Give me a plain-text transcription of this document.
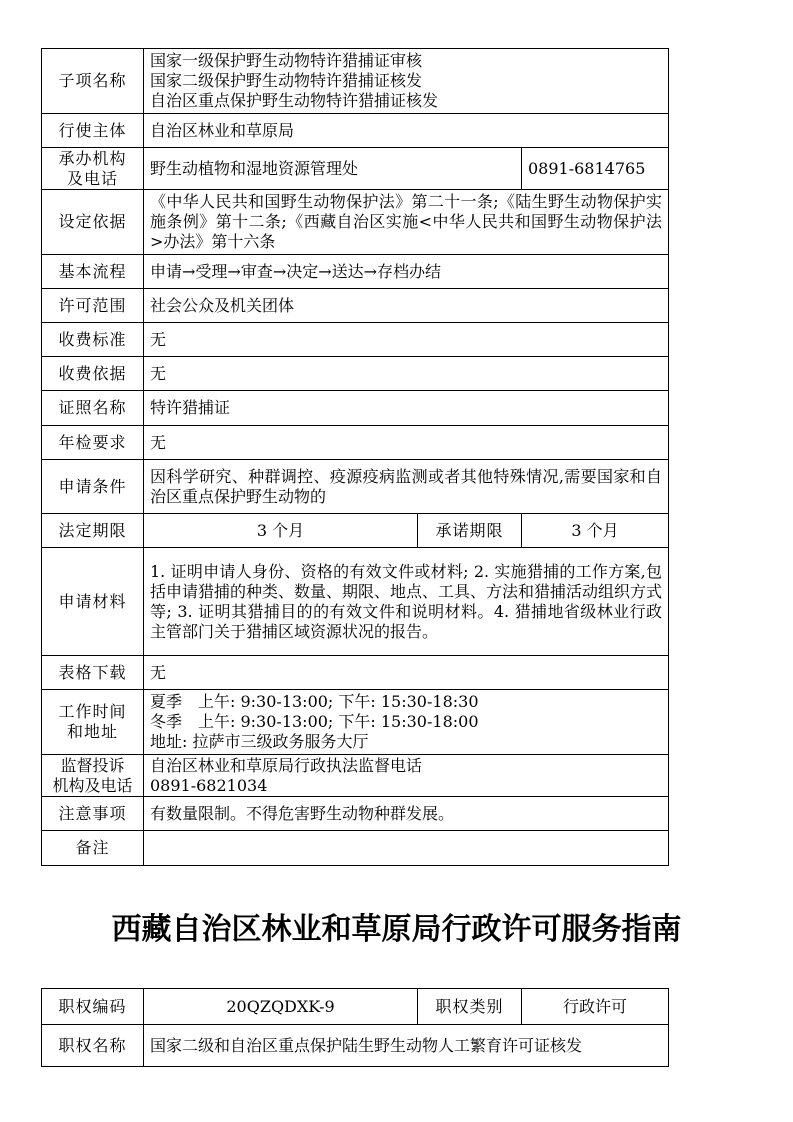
子项名称	国家一级保护野生动物特许猎捕证审核
国家二级保护野生动物特许猎捕证核发
自治区重点保护野生动物特许猎捕证核发		
行使主体	自治区林业和草原局		
承办机构
及电话	野生动植物和湿地资源管理处		0891-6814765
设定依据	《中华人民共和国野生动物保护法》第二十一条;《陆生野生动物保护实施条例》第十二条;《西藏自治区实施<中华人民共和国野生动物保护法>办法》第十六条		
基本流程	申请→受理→审查→决定→送达→存档办结		
许可范围	社会公众及机关团体		
收费标准	无		
收费依据	无		
证照名称	特许猎捕证		
年检要求	无		
申请条件	因科学研究、种群调控、疫源疫病监测或者其他特殊情况,需要国家和自治区重点保护野生动物的		
法定期限	3 个月	承诺期限	3 个月
申请材料	1. 证明申请人身份、资格的有效文件或材料; 2. 实施猎捕的工作方案,包括申请猎捕的种类、数量、期限、地点、工具、方法和猎捕活动组织方式等; 3. 证明其猎捕目的的有效文件和说明材料。4. 猎捕地省级林业行政主管部门关于猎捕区域资源状况的报告。		
表格下载	无		
工作时间
和地址	夏季　上午: 9:30-13:00; 下午: 15:30-18:30
冬季　上午: 9:30-13:00; 下午: 15:30-18:00
地址: 拉萨市三级政务服务大厅		
监督投诉
机构及电话	自治区林业和草原局行政执法监督电话
0891-6821034		
注意事项	有数量限制。不得危害野生动物种群发展。		
备注			
西藏自治区林业和草原局行政许可服务指南
职权编码	20QZQDXK-9	职权类别	行政许可
职权名称	国家二级和自治区重点保护陆生野生动物人工繁育许可证核发		
